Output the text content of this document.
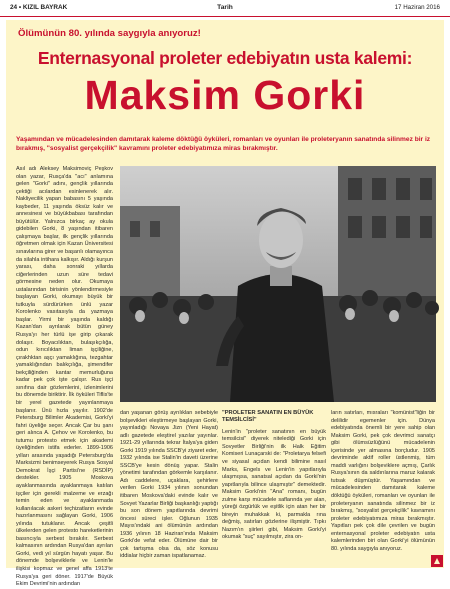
24 • KIZIL BAYRAK	Tarih	17 Haziran 2016
Ölümünün 80. yılında saygıyla anıyoruz!
Enternasyonal proleter edebiyatın usta kalemi:
Maksim Gorki
Yaşamından ve mücadelesinden damıtarak kaleme döktüğü öyküleri, romanları ve oyunları ile proleteryanın sanatında silinmez bir iz bırakmış, "sosyalist gerçekçilik" kavramını proleter edebiyatımıza miras bırakmıştır.
Asıl adı Aleksey Maksimoviç Peşkov olan yazar, Rusça'da "acı" anlamına gelen "Gorki" adını, gençlik yıllarında çektiği acılardan esinlenerek alır. Nakliyecilik yapan babasını 5 yaşında kaybeder, 11 yaşında öksüz kalır ve annesinesi ve büyükbabası tarafından büyütülür. Yalnızca birkaç ay okula gidebilen Gorki, 8 yaşından itibaren çalışmaya başlar, ilk gençlik yıllarında öğretmen olmak için Kazan Üniversitesi sınavlarına girer ve başarılı olamayınca da silahla intihara kalkışır. Aldığı kurşun yarası, daha sonraki yıllarda ciğerlerinden uzun süre tedavi görmesine neden olur. Okumaya ustalarından birisinin yönlendirmesiyle başlayan Gorki, okumayı büyük bir tutkuyla sürdürürken ünlü yazar Korolenko vasıtasıyla da yazmaya başlar. Yirmi bir yaşında kaldığı Kazan'dan ayrılarak bütün güney Rusya'yı her türlü işe girip çıkarak dolaşır. Boyacılıktan, bulaşıkçılığa, odun kırıcılıktan liman işçiliğine, çırakhktan aşçı yamaklığına, tezgahtar yamaklığından balıkçılığa, şimendifer bekçiliğinden kantar memurluğuna kadar pek çok işte çalışır. Rus işçi sınıfına dair gözlemlerini, izlenimlerini bu dönemde biriktirir. İlk öyküleri Tiflis'te bir yerel gazetede yayınlanmaya başlanır. Ünü hızla yayılır. 1902'de Petersburg Bilimler Akademisi, Gorki'yi fahri üyeliğe seçer. Ancak Çar bu şanı geri alınca A. Çehov ve Korolenko, bu tutumu protesto etmek için akademi üyeliğinden istifa ederler. 1899-1906 yılları arasında yaşadığı Petersburg'da Marksizmi benimseyerek Rusya Sosyal Demokrat İşçi Partisi'ne (RSDİP) destekler. 1905 Moskova ayaklanmasında ayaklanmaya katılan işçiler için gerekli malzeme ve erzağı temin eden ve ayaklanmada kullanılacak askeri teçhizatların evinde hazırlanmasını sağlayan Gorki, 1906 yılında tutuklanır. Ancak çeşitli ülkelerden gelen protesto hareketlerinin basıncıyla serbest bırakılır. Serbest kalmasının ardından Rusya'dan ayrılan Gorki, vedi yıl sürgün hayatı yaşar. Bu dönemde bolşeviklerle ve Lenin'le ilişkisi kopmaz ve genel affa 1913'te Rusya'ya geri döner. 1917'de Büyük Ekim Devrimi'nin ardından
dan yaşanan görüş ayrılıkları sebebiyle bolşevikleri eleştirmeye başlayan Gorki, yayınladığı Novaya Jizn (Yeni Hayat) adlı gazetede eleştirel yazılar yayınlar. 1921-29 yıllarında tekrar İtalya'ya giden Gorki 1919 yılında SSCB'yi ziyaret eder, 1932 yılında ise Stalin'in daveti üzerine SSCB'ye kesin dönüş yapar. Stalin yönetimi tarafından görkemle karşılanır. Adı caddelere, uçaklara, şehirlere verilen Gorki 1934 yılının sonundan itibaren Moskova'daki evinde kalır ve Sovyet Yazarlar Birliği başkanlığı yaptığı bu son dönem yapıtlarında devrimi öncesi süreci işler. Oğlunun 1935 Mayıs'ındaki ani ölümünün ardından 1936 yılının 18 Haziran'ında Maksim Gorki'de vefat eder. Ölümüne dair bir çok tartışma olsa da, söz konusu iddialar hiçbir zaman ispatlanamaz.
"PROLETER SANATIN EN BÜYÜK TEMSİLCİSİ"
Lenin'in "proleter sanatının en büyük temsilcisi" diyerek nitelediği Gorki için Sovyetler Birliği'nin ilk Halk Eğitim Komiseri Lunaçarski de: "Proletarya felsefi ve siyasal açıdan kendi bilimine nasıl Marks, Engels ve Lenin'in yapıtlarıyla ulaşmışsa, sanatsal açıdan da Gorki'nin yapıtlarıyla bilince ulaşmıştır" demektedir. Maksim Gorki'nin "Ana" romanı, bugün zulme karşı mücadele saflarında yer alan, yüreği özgürlük ve eşitlik için atan her bir bireyin muhakkak ki, parmakla rına değmiş, satırları gözlerine ilişmiştir. Tıpkı Nazım'ın şiirleri gibi, Maksim Gorki'yi okumak "suç" sayılmıştır, zira on-
ların satırları, mısraları "komünist"liğin bir delilidir egemenler için. Dünya edebiyatında önemli bir yere sahip olan Maksim Gorki, pek çok devrimci sanatçı gibi ölümsüzlüğünü mücadelenin içerisinde yer almasına borçludur. 1905 devriminde aktif roller üstlenmiş, tüm maddi varlığını bolşeviklere açmış, Çarlık Rusya'sının da saldırılarına maruz kalarak tutsak düşmüştür. Yaşamından ve mücadelesinden damıtarak kaleme döktüğü öyküleri, romanları ve oyunları ile proleteryanın sanatında silinmez bir iz bırakmış, "sosyalist gerçekçilik" kavramını proleter edebiyatımıza miras bırakmıştır. Yapıtları pek çok dile çevrilen ve bugün enternasyonal proleter edebiyatın usta kalemlerinden biri olan Gorki'yi ölümünün 80. yılında saygıyla anıyoruz.
